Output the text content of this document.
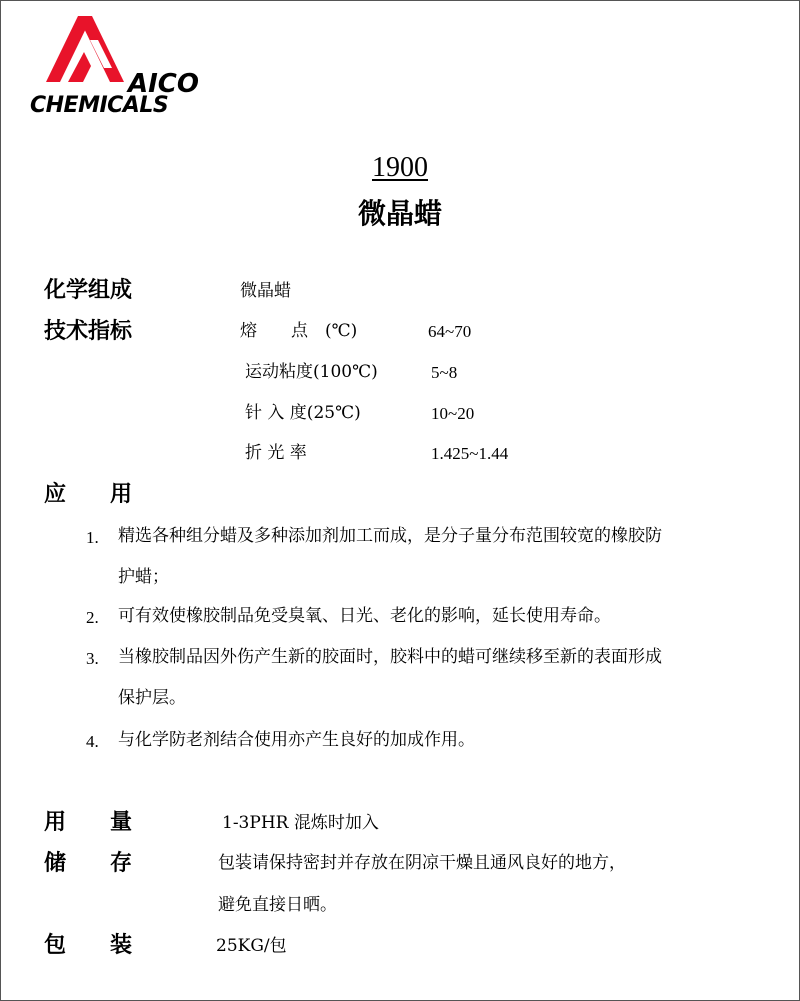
AICO
CHEMICALS
1900
微晶蜡
化学组成	微晶蜡
技术指标	熔　　点　(℃)	64~70
运动粘度(100℃)	5~8
针 入 度(25℃)	10~20
折 光 率	1.425~1.44
应　　用
1. 精选各种组分蜡及多种添加剂加工而成，是分子量分布范围较宽的橡胶防
护蜡；
2. 可有效使橡胶制品免受臭氧、日光、老化的影响，延长使用寿命。
3. 当橡胶制品因外伤产生新的胶面时，胶料中的蜡可继续移至新的表面形成
保护层。
4. 与化学防老剂结合使用亦产生良好的加成作用。
用　　量	1-3PHR 混炼时加入
储　　存	包装请保持密封并存放在阴凉干燥且通风良好的地方，
避免直接日晒。
包　　装	25KG/包
